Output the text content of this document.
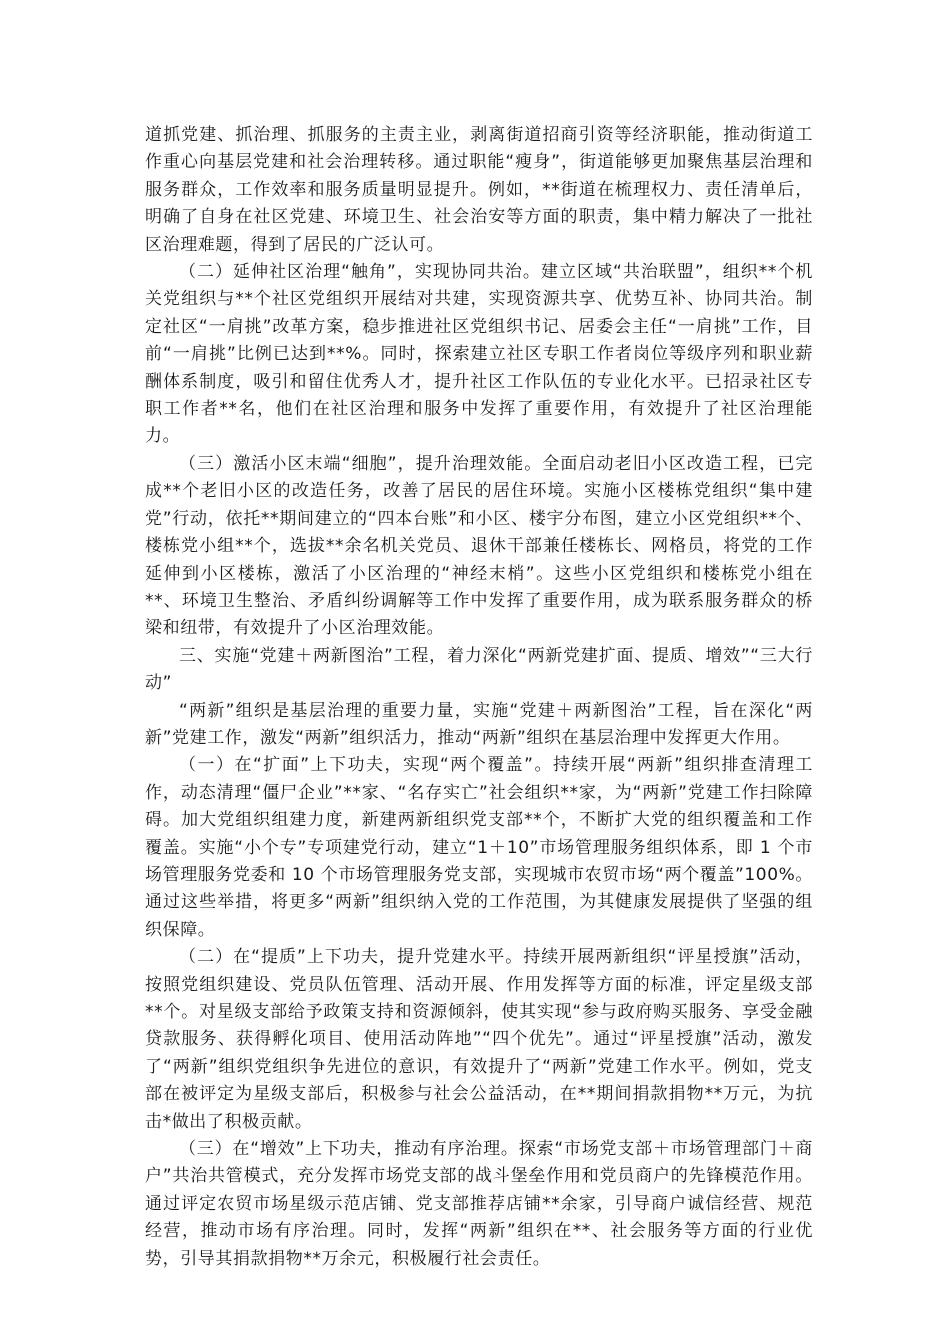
道抓党建、抓治理、抓服务的主责主业，剥离街道招商引资等经济职能，推动街道工作重心向基层党建和社会治理转移。通过职能“瘦身”，街道能够更加聚焦基层治理和服务群众，工作效率和服务质量明显提升。例如，**街道在梳理权力、责任清单后，明确了自身在社区党建、环境卫生、社会治安等方面的职责，集中精力解决了一批社区治理难题，得到了居民的广泛认可。

（二）延伸社区治理“触角”，实现协同共治。建立区域“共治联盟”，组织**个机关党组织与**个社区党组织开展结对共建，实现资源共享、优势互补、协同共治。制定社区“一肩挑”改革方案，稳步推进社区党组织书记、居委会主任“一肩挑”工作，目前“一肩挑”比例已达到**%。同时，探索建立社区专职工作者岗位等级序列和职业薪酬体系制度，吸引和留住优秀人才，提升社区工作队伍的专业化水平。已招录社区专职工作者**名，他们在社区治理和服务中发挥了重要作用，有效提升了社区治理能力。

（三）激活小区末端“细胞”，提升治理效能。全面启动老旧小区改造工程，已完成**个老旧小区的改造任务，改善了居民的居住环境。实施小区楼栋党组织“集中建党”行动，依托**期间建立的“四本台账”和小区、楼宇分布图，建立小区党组织**个、楼栋党小组**个，选拔**余名机关党员、退休干部兼任楼栋长、网格员，将党的工作延伸到小区楼栋，激活了小区治理的“神经末梢”。这些小区党组织和楼栋党小组在**、环境卫生整治、矛盾纠纷调解等工作中发挥了重要作用，成为联系服务群众的桥梁和纽带，有效提升了小区治理效能。

三、实施“党建＋两新图治”工程，着力深化“两新党建扩面、提质、增效”“三大行动”

“两新”组织是基层治理的重要力量，实施“党建＋两新图治”工程，旨在深化“两新”党建工作，激发“两新”组织活力，推动“两新”组织在基层治理中发挥更大作用。

（一）在“扩面”上下功夫，实现“两个覆盖”。持续开展“两新”组织排查清理工作，动态清理“僵尸企业”**家、“名存实亡”社会组织**家，为“两新”党建工作扫除障碍。加大党组织组建力度，新建两新组织党支部**个，不断扩大党的组织覆盖和工作覆盖。实施“小个专”专项建党行动，建立“1＋10”市场管理服务组织体系，即 1 个市场管理服务党委和 10 个市场管理服务党支部，实现城市农贸市场“两个覆盖”100%。通过这些举措，将更多“两新”组织纳入党的工作范围，为其健康发展提供了坚强的组织保障。

（二）在“提质”上下功夫，提升党建水平。持续开展两新组织“评星授旗”活动，按照党组织建设、党员队伍管理、活动开展、作用发挥等方面的标准，评定星级支部**个。对星级支部给予政策支持和资源倾斜，使其实现“参与政府购买服务、享受金融贷款服务、获得孵化项目、使用活动阵地”“四个优先”。通过“评星授旗”活动，激发了“两新”组织党组织争先进位的意识，有效提升了“两新”党建工作水平。例如，党支部在被评定为星级支部后，积极参与社会公益活动，在**期间捐款捐物**万元，为抗击*做出了积极贡献。

（三）在“增效”上下功夫，推动有序治理。探索“市场党支部＋市场管理部门＋商户”共治共管模式，充分发挥市场党支部的战斗堡垒作用和党员商户的先锋模范作用。通过评定农贸市场星级示范店铺、党支部推荐店铺**余家，引导商户诚信经营、规范经营，推动市场有序治理。同时，发挥“两新”组织在**、社会服务等方面的行业优势，引导其捐款捐物**万余元，积极履行社会责任。
